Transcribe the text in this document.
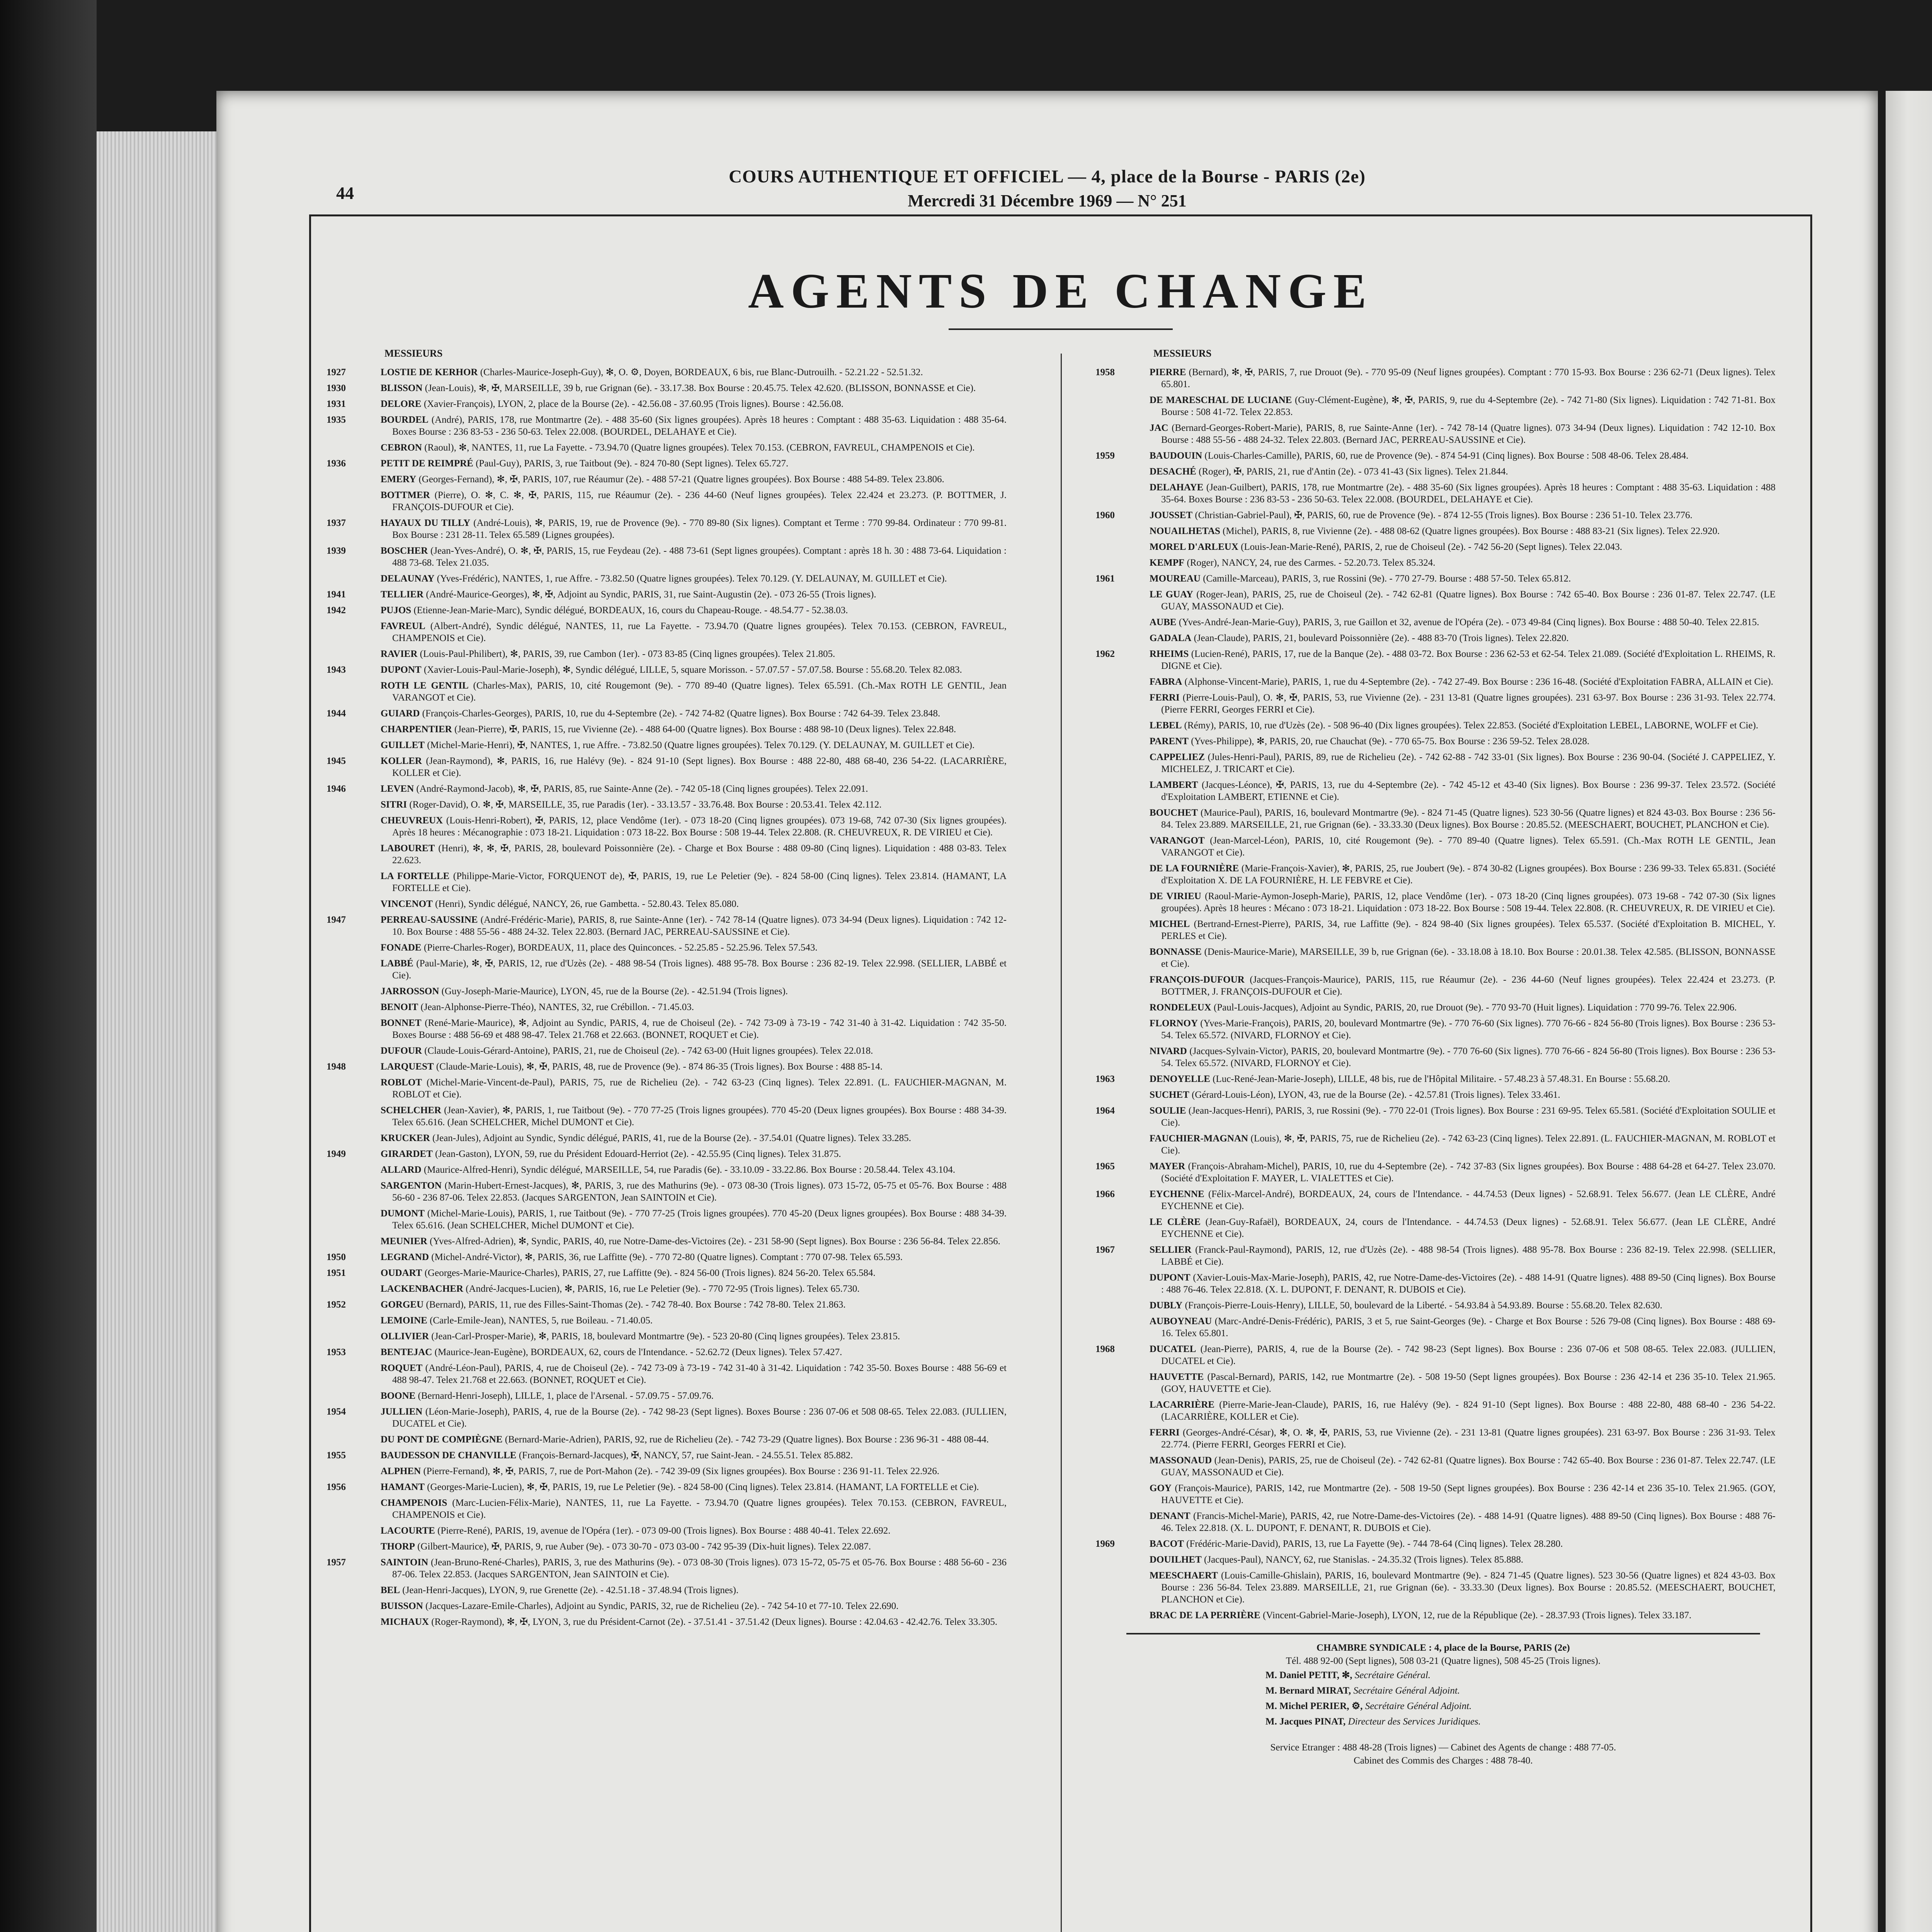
44
COURS AUTHENTIQUE ET OFFICIEL — 4, place de la Bourse - PARIS (2e)
Mercredi 31 Décembre 1969 — N° 251
AGENTS DE CHANGE
MESSIEURS
1927	LOSTIE DE KERHOR (Charles-Maurice-Joseph-Guy), ✻, O. ⚙, Doyen, BORDEAUX, 6 bis, rue Blanc-Dutrouilh. - 52.21.22 - 52.51.32.
1930	BLISSON (Jean-Louis), ✻, ✠, MARSEILLE, 39 b, rue Grignan (6e). - 33.17.38. Box Bourse : 20.45.75. Telex 42.620. (BLISSON, BONNASSE et Cie).
1931	DELORE (Xavier-François), LYON, 2, place de la Bourse (2e). - 42.56.08 - 37.60.95 (Trois lignes). Bourse : 42.56.08.
1935	BOURDEL (André), PARIS, 178, rue Montmartre (2e). - 488 35-60 (Six lignes groupées). Après 18 heures : Comptant : 488 35-63. Liquidation : 488 35-64. Boxes Bourse : 236 83-53 - 236 50-63. Telex 22.008. (BOURDEL, DELAHAYE et Cie).
CEBRON (Raoul), ✻, NANTES, 11, rue La Fayette. - 73.94.70 (Quatre lignes groupées). Telex 70.153. (CEBRON, FAVREUL, CHAMPENOIS et Cie).
1936	PETIT DE REIMPRÉ (Paul-Guy), PARIS, 3, rue Taitbout (9e). - 824 70-80 (Sept lignes). Telex 65.727.
EMERY (Georges-Fernand), ✻, ✠, PARIS, 107, rue Réaumur (2e). - 488 57-21 (Quatre lignes groupées). Box Bourse : 488 54-89. Telex 23.806.
BOTTMER (Pierre), O. ✻, C. ✻, ✠, PARIS, 115, rue Réaumur (2e). - 236 44-60 (Neuf lignes groupées). Telex 22.424 et 23.273. (P. BOTTMER, J. FRANÇOIS-DUFOUR et Cie).
1937	HAYAUX DU TILLY (André-Louis), ✻, PARIS, 19, rue de Provence (9e). - 770 89-80 (Six lignes). Comptant et Terme : 770 99-84. Ordinateur : 770 99-81. Box Bourse : 231 28-11. Telex 65.589 (Lignes groupées).
1939	BOSCHER (Jean-Yves-André), O. ✻, ✠, PARIS, 15, rue Feydeau (2e). - 488 73-61 (Sept lignes groupées). Comptant : après 18 h. 30 : 488 73-64. Liquidation : 488 73-68. Telex 21.035.
DELAUNAY (Yves-Frédéric), NANTES, 1, rue Affre. - 73.82.50 (Quatre lignes groupées). Telex 70.129. (Y. DELAUNAY, M. GUILLET et Cie).
1941	TELLIER (André-Maurice-Georges), ✻, ✠, Adjoint au Syndic, PARIS, 31, rue Saint-Augustin (2e). - 073 26-55 (Trois lignes).
1942	PUJOS (Etienne-Jean-Marie-Marc), Syndic délégué, BORDEAUX, 16, cours du Chapeau-Rouge. - 48.54.77 - 52.38.03.
FAVREUL (Albert-André), Syndic délégué, NANTES, 11, rue La Fayette. - 73.94.70 (Quatre lignes groupées). Telex 70.153. (CEBRON, FAVREUL, CHAMPENOIS et Cie).
RAVIER (Louis-Paul-Philibert), ✻, PARIS, 39, rue Cambon (1er). - 073 83-85 (Cinq lignes groupées). Telex 21.805.
1943	DUPONT (Xavier-Louis-Paul-Marie-Joseph), ✻, Syndic délégué, LILLE, 5, square Morisson. - 57.07.57 - 57.07.58. Bourse : 55.68.20. Telex 82.083.
ROTH LE GENTIL (Charles-Max), PARIS, 10, cité Rougemont (9e). - 770 89-40 (Quatre lignes). Telex 65.591. (Ch.-Max ROTH LE GENTIL, Jean VARANGOT et Cie).
1944	GUIARD (François-Charles-Georges), PARIS, 10, rue du 4-Septembre (2e). - 742 74-82 (Quatre lignes). Box Bourse : 742 64-39. Telex 23.848.
CHARPENTIER (Jean-Pierre), ✠, PARIS, 15, rue Vivienne (2e). - 488 64-00 (Quatre lignes). Box Bourse : 488 98-10 (Deux lignes). Telex 22.848.
GUILLET (Michel-Marie-Henri), ✠, NANTES, 1, rue Affre. - 73.82.50 (Quatre lignes groupées). Telex 70.129. (Y. DELAUNAY, M. GUILLET et Cie).
1945	KOLLER (Jean-Raymond), ✻, PARIS, 16, rue Halévy (9e). - 824 91-10 (Sept lignes). Box Bourse : 488 22-80, 488 68-40, 236 54-22. (LACARRIÈRE, KOLLER et Cie).
1946	LEVEN (André-Raymond-Jacob), ✻, ✠, PARIS, 85, rue Sainte-Anne (2e). - 742 05-18 (Cinq lignes groupées). Telex 22.091.
SITRI (Roger-David), O. ✻, ✠, MARSEILLE, 35, rue Paradis (1er). - 33.13.57 - 33.76.48. Box Bourse : 20.53.41. Telex 42.112.
CHEUVREUX (Louis-Henri-Robert), ✠, PARIS, 12, place Vendôme (1er). - 073 18-20 (Cinq lignes groupées). 073 19-68, 742 07-30 (Six lignes groupées). Après 18 heures : Mécanographie : 073 18-21. Liquidation : 073 18-22. Box Bourse : 508 19-44. Telex 22.808. (R. CHEUVREUX, R. DE VIRIEU et Cie).
LABOURET (Henri), ✻, ✻, ✠, PARIS, 28, boulevard Poissonnière (2e). - Charge et Box Bourse : 488 09-80 (Cinq lignes). Liquidation : 488 03-83. Telex 22.623.
LA FORTELLE (Philippe-Marie-Victor, FORQUENOT de), ✠, PARIS, 19, rue Le Peletier (9e). - 824 58-00 (Cinq lignes). Telex 23.814. (HAMANT, LA FORTELLE et Cie).
VINCENOT (Henri), Syndic délégué, NANCY, 26, rue Gambetta. - 52.80.43. Telex 85.080.
1947	PERREAU-SAUSSINE (André-Frédéric-Marie), PARIS, 8, rue Sainte-Anne (1er). - 742 78-14 (Quatre lignes). 073 34-94 (Deux lignes). Liquidation : 742 12-10. Box Bourse : 488 55-56 - 488 24-32. Telex 22.803. (Bernard JAC, PERREAU-SAUSSINE et Cie).
FONADE (Pierre-Charles-Roger), BORDEAUX, 11, place des Quinconces. - 52.25.85 - 52.25.96. Telex 57.543.
LABBÉ (Paul-Marie), ✻, ✠, PARIS, 12, rue d'Uzès (2e). - 488 98-54 (Trois lignes). 488 95-78. Box Bourse : 236 82-19. Telex 22.998. (SELLIER, LABBÉ et Cie).
JARROSSON (Guy-Joseph-Marie-Maurice), LYON, 45, rue de la Bourse (2e). - 42.51.94 (Trois lignes).
BENOIT (Jean-Alphonse-Pierre-Théo), NANTES, 32, rue Crébillon. - 71.45.03.
BONNET (René-Marie-Maurice), ✻, Adjoint au Syndic, PARIS, 4, rue de Choiseul (2e). - 742 73-09 à 73-19 - 742 31-40 à 31-42. Liquidation : 742 35-50. Boxes Bourse : 488 56-69 et 488 98-47. Telex 21.768 et 22.663. (BONNET, ROQUET et Cie).
DUFOUR (Claude-Louis-Gérard-Antoine), PARIS, 21, rue de Choiseul (2e). - 742 63-00 (Huit lignes groupées). Telex 22.018.
1948	LARQUEST (Claude-Marie-Louis), ✻, ✠, PARIS, 48, rue de Provence (9e). - 874 86-35 (Trois lignes). Box Bourse : 488 85-14.
ROBLOT (Michel-Marie-Vincent-de-Paul), PARIS, 75, rue de Richelieu (2e). - 742 63-23 (Cinq lignes). Telex 22.891. (L. FAUCHIER-MAGNAN, M. ROBLOT et Cie).
SCHELCHER (Jean-Xavier), ✻, PARIS, 1, rue Taitbout (9e). - 770 77-25 (Trois lignes groupées). 770 45-20 (Deux lignes groupées). Box Bourse : 488 34-39. Telex 65.616. (Jean SCHELCHER, Michel DUMONT et Cie).
KRUCKER (Jean-Jules), Adjoint au Syndic, Syndic délégué, PARIS, 41, rue de la Bourse (2e). - 37.54.01 (Quatre lignes). Telex 33.285.
1949	GIRARDET (Jean-Gaston), LYON, 59, rue du Président Edouard-Herriot (2e). - 42.55.95 (Cinq lignes). Telex 31.875.
ALLARD (Maurice-Alfred-Henri), Syndic délégué, MARSEILLE, 54, rue Paradis (6e). - 33.10.09 - 33.22.86. Box Bourse : 20.58.44. Telex 43.104.
SARGENTON (Marin-Hubert-Ernest-Jacques), ✻, PARIS, 3, rue des Mathurins (9e). - 073 08-30 (Trois lignes). 073 15-72, 05-75 et 05-76. Box Bourse : 488 56-60 - 236 87-06. Telex 22.853. (Jacques SARGENTON, Jean SAINTOIN et Cie).
DUMONT (Michel-Marie-Louis), PARIS, 1, rue Taitbout (9e). - 770 77-25 (Trois lignes groupées). 770 45-20 (Deux lignes groupées). Box Bourse : 488 34-39. Telex 65.616. (Jean SCHELCHER, Michel DUMONT et Cie).
MEUNIER (Yves-Alfred-Adrien), ✻, Syndic, PARIS, 40, rue Notre-Dame-des-Victoires (2e). - 231 58-90 (Sept lignes). Box Bourse : 236 56-84. Telex 22.856.
1950	LEGRAND (Michel-André-Victor), ✻, PARIS, 36, rue Laffitte (9e). - 770 72-80 (Quatre lignes). Comptant : 770 07-98. Telex 65.593.
1951	OUDART (Georges-Marie-Maurice-Charles), PARIS, 27, rue Laffitte (9e). - 824 56-00 (Trois lignes). 824 56-20. Telex 65.584.
LACKENBACHER (André-Jacques-Lucien), ✻, PARIS, 16, rue Le Peletier (9e). - 770 72-95 (Trois lignes). Telex 65.730.
1952	GORGEU (Bernard), PARIS, 11, rue des Filles-Saint-Thomas (2e). - 742 78-40. Box Bourse : 742 78-80. Telex 21.863.
LEMOINE (Carle-Emile-Jean), NANTES, 5, rue Boileau. - 71.40.05.
OLLIVIER (Jean-Carl-Prosper-Marie), ✻, PARIS, 18, boulevard Montmartre (9e). - 523 20-80 (Cinq lignes groupées). Telex 23.815.
1953	BENTEJAC (Maurice-Jean-Eugène), BORDEAUX, 62, cours de l'Intendance. - 52.62.72 (Deux lignes). Telex 57.427.
ROQUET (André-Léon-Paul), PARIS, 4, rue de Choiseul (2e). - 742 73-09 à 73-19 - 742 31-40 à 31-42. Liquidation : 742 35-50. Boxes Bourse : 488 56-69 et 488 98-47. Telex 21.768 et 22.663. (BONNET, ROQUET et Cie).
BOONE (Bernard-Henri-Joseph), LILLE, 1, place de l'Arsenal. - 57.09.75 - 57.09.76.
1954	JULLIEN (Léon-Marie-Joseph), PARIS, 4, rue de la Bourse (2e). - 742 98-23 (Sept lignes). Boxes Bourse : 236 07-06 et 508 08-65. Telex 22.083. (JULLIEN, DUCATEL et Cie).
DU PONT DE COMPIÈGNE (Bernard-Marie-Adrien), PARIS, 92, rue de Richelieu (2e). - 742 73-29 (Quatre lignes). Box Bourse : 236 96-31 - 488 08-44.
1955	BAUDESSON DE CHANVILLE (François-Bernard-Jacques), ✠, NANCY, 57, rue Saint-Jean. - 24.55.51. Telex 85.882.
ALPHEN (Pierre-Fernand), ✻, ✠, PARIS, 7, rue de Port-Mahon (2e). - 742 39-09 (Six lignes groupées). Box Bourse : 236 91-11. Telex 22.926.
1956	HAMANT (Georges-Marie-Lucien), ✻, ✠, PARIS, 19, rue Le Peletier (9e). - 824 58-00 (Cinq lignes). Telex 23.814. (HAMANT, LA FORTELLE et Cie).
CHAMPENOIS (Marc-Lucien-Félix-Marie), NANTES, 11, rue La Fayette. - 73.94.70 (Quatre lignes groupées). Telex 70.153. (CEBRON, FAVREUL, CHAMPENOIS et Cie).
LACOURTE (Pierre-René), PARIS, 19, avenue de l'Opéra (1er). - 073 09-00 (Trois lignes). Box Bourse : 488 40-41. Telex 22.692.
THORP (Gilbert-Maurice), ✠, PARIS, 9, rue Auber (9e). - 073 30-70 - 073 03-00 - 742 95-39 (Dix-huit lignes). Telex 22.087.
1957	SAINTOIN (Jean-Bruno-René-Charles), PARIS, 3, rue des Mathurins (9e). - 073 08-30 (Trois lignes). 073 15-72, 05-75 et 05-76. Box Bourse : 488 56-60 - 236 87-06. Telex 22.853. (Jacques SARGENTON, Jean SAINTOIN et Cie).
BEL (Jean-Henri-Jacques), LYON, 9, rue Grenette (2e). - 42.51.18 - 37.48.94 (Trois lignes).
BUISSON (Jacques-Lazare-Emile-Charles), Adjoint au Syndic, PARIS, 32, rue de Richelieu (2e). - 742 54-10 et 77-10. Telex 22.690.
MICHAUX (Roger-Raymond), ✻, ✠, LYON, 3, rue du Président-Carnot (2e). - 37.51.41 - 37.51.42 (Deux lignes). Bourse : 42.04.63 - 42.42.76. Telex 33.305.
MESSIEURS
1958	PIERRE (Bernard), ✻, ✠, PARIS, 7, rue Drouot (9e). - 770 95-09 (Neuf lignes groupées). Comptant : 770 15-93. Box Bourse : 236 62-71 (Deux lignes). Telex 65.801.
DE MARESCHAL DE LUCIANE (Guy-Clément-Eugène), ✻, ✠, PARIS, 9, rue du 4-Septembre (2e). - 742 71-80 (Six lignes). Liquidation : 742 71-81. Box Bourse : 508 41-72. Telex 22.853.
JAC (Bernard-Georges-Robert-Marie), PARIS, 8, rue Sainte-Anne (1er). - 742 78-14 (Quatre lignes). 073 34-94 (Deux lignes). Liquidation : 742 12-10. Box Bourse : 488 55-56 - 488 24-32. Telex 22.803. (Bernard JAC, PERREAU-SAUSSINE et Cie).
1959	BAUDOUIN (Louis-Charles-Camille), PARIS, 60, rue de Provence (9e). - 874 54-91 (Cinq lignes). Box Bourse : 508 48-06. Telex 28.484.
DESACHÉ (Roger), ✠, PARIS, 21, rue d'Antin (2e). - 073 41-43 (Six lignes). Telex 21.844.
DELAHAYE (Jean-Guilbert), PARIS, 178, rue Montmartre (2e). - 488 35-60 (Six lignes groupées). Après 18 heures : Comptant : 488 35-63. Liquidation : 488 35-64. Boxes Bourse : 236 83-53 - 236 50-63. Telex 22.008. (BOURDEL, DELAHAYE et Cie).
1960	JOUSSET (Christian-Gabriel-Paul), ✠, PARIS, 60, rue de Provence (9e). - 874 12-55 (Trois lignes). Box Bourse : 236 51-10. Telex 23.776.
NOUAILHETAS (Michel), PARIS, 8, rue Vivienne (2e). - 488 08-62 (Quatre lignes groupées). Box Bourse : 488 83-21 (Six lignes). Telex 22.920.
MOREL D'ARLEUX (Louis-Jean-Marie-René), PARIS, 2, rue de Choiseul (2e). - 742 56-20 (Sept lignes). Telex 22.043.
KEMPF (Roger), NANCY, 24, rue des Carmes. - 52.20.73. Telex 85.324.
1961	MOUREAU (Camille-Marceau), PARIS, 3, rue Rossini (9e). - 770 27-79. Bourse : 488 57-50. Telex 65.812.
LE GUAY (Roger-Jean), PARIS, 25, rue de Choiseul (2e). - 742 62-81 (Quatre lignes). Box Bourse : 742 65-40. Box Bourse : 236 01-87. Telex 22.747. (LE GUAY, MASSONAUD et Cie).
AUBE (Yves-André-Jean-Marie-Guy), PARIS, 3, rue Gaillon et 32, avenue de l'Opéra (2e). - 073 49-84 (Cinq lignes). Box Bourse : 488 50-40. Telex 22.815.
GADALA (Jean-Claude), PARIS, 21, boulevard Poissonnière (2e). - 488 83-70 (Trois lignes). Telex 22.820.
1962	RHEIMS (Lucien-René), PARIS, 17, rue de la Banque (2e). - 488 03-72. Box Bourse : 236 62-53 et 62-54. Telex 21.089. (Société d'Exploitation L. RHEIMS, R. DIGNE et Cie).
FABRA (Alphonse-Vincent-Marie), PARIS, 1, rue du 4-Septembre (2e). - 742 27-49. Box Bourse : 236 16-48. (Société d'Exploitation FABRA, ALLAIN et Cie).
FERRI (Pierre-Louis-Paul), O. ✻, ✠, PARIS, 53, rue Vivienne (2e). - 231 13-81 (Quatre lignes groupées). 231 63-97. Box Bourse : 236 31-93. Telex 22.774. (Pierre FERRI, Georges FERRI et Cie).
LEBEL (Rémy), PARIS, 10, rue d'Uzès (2e). - 508 96-40 (Dix lignes groupées). Telex 22.853. (Société d'Exploitation LEBEL, LABORNE, WOLFF et Cie).
PARENT (Yves-Philippe), ✻, PARIS, 20, rue Chauchat (9e). - 770 65-75. Box Bourse : 236 59-52. Telex 28.028.
CAPPELIEZ (Jules-Henri-Paul), PARIS, 89, rue de Richelieu (2e). - 742 62-88 - 742 33-01 (Six lignes). Box Bourse : 236 90-04. (Société J. CAPPELIEZ, Y. MICHELEZ, J. TRICART et Cie).
LAMBERT (Jacques-Léonce), ✠, PARIS, 13, rue du 4-Septembre (2e). - 742 45-12 et 43-40 (Six lignes). Box Bourse : 236 99-37. Telex 23.572. (Société d'Exploitation LAMBERT, ETIENNE et Cie).
BOUCHET (Maurice-Paul), PARIS, 16, boulevard Montmartre (9e). - 824 71-45 (Quatre lignes). 523 30-56 (Quatre lignes) et 824 43-03. Box Bourse : 236 56-84. Telex 23.889. MARSEILLE, 21, rue Grignan (6e). - 33.33.30 (Deux lignes). Box Bourse : 20.85.52. (MEESCHAERT, BOUCHET, PLANCHON et Cie).
VARANGOT (Jean-Marcel-Léon), PARIS, 10, cité Rougemont (9e). - 770 89-40 (Quatre lignes). Telex 65.591. (Ch.-Max ROTH LE GENTIL, Jean VARANGOT et Cie).
DE LA FOURNIÈRE (Marie-François-Xavier), ✻, PARIS, 25, rue Joubert (9e). - 874 30-82 (Lignes groupées). Box Bourse : 236 99-33. Telex 65.831. (Société d'Exploitation X. DE LA FOURNIÈRE, H. LE FEBVRE et Cie).
DE VIRIEU (Raoul-Marie-Aymon-Joseph-Marie), PARIS, 12, place Vendôme (1er). - 073 18-20 (Cinq lignes groupées). 073 19-68 - 742 07-30 (Six lignes groupées). Après 18 heures : Mécano : 073 18-21. Liquidation : 073 18-22. Box Bourse : 508 19-44. Telex 22.808. (R. CHEUVREUX, R. DE VIRIEU et Cie).
MICHEL (Bertrand-Ernest-Pierre), PARIS, 34, rue Laffitte (9e). - 824 98-40 (Six lignes groupées). Telex 65.537. (Société d'Exploitation B. MICHEL, Y. PERLES et Cie).
BONNASSE (Denis-Maurice-Marie), MARSEILLE, 39 b, rue Grignan (6e). - 33.18.08 à 18.10. Box Bourse : 20.01.38. Telex 42.585. (BLISSON, BONNASSE et Cie).
FRANÇOIS-DUFOUR (Jacques-François-Maurice), PARIS, 115, rue Réaumur (2e). - 236 44-60 (Neuf lignes groupées). Telex 22.424 et 23.273. (P. BOTTMER, J. FRANÇOIS-DUFOUR et Cie).
RONDELEUX (Paul-Louis-Jacques), Adjoint au Syndic, PARIS, 20, rue Drouot (9e). - 770 93-70 (Huit lignes). Liquidation : 770 99-76. Telex 22.906.
FLORNOY (Yves-Marie-François), PARIS, 20, boulevard Montmartre (9e). - 770 76-60 (Six lignes). 770 76-66 - 824 56-80 (Trois lignes). Box Bourse : 236 53-54. Telex 65.572. (NIVARD, FLORNOY et Cie).
NIVARD (Jacques-Sylvain-Victor), PARIS, 20, boulevard Montmartre (9e). - 770 76-60 (Six lignes). 770 76-66 - 824 56-80 (Trois lignes). Box Bourse : 236 53-54. Telex 65.572. (NIVARD, FLORNOY et Cie).
1963	DENOYELLE (Luc-René-Jean-Marie-Joseph), LILLE, 48 bis, rue de l'Hôpital Militaire. - 57.48.23 à 57.48.31. En Bourse : 55.68.20.
SUCHET (Gérard-Louis-Léon), LYON, 43, rue de la Bourse (2e). - 42.57.81 (Trois lignes). Telex 33.461.
1964	SOULIE (Jean-Jacques-Henri), PARIS, 3, rue Rossini (9e). - 770 22-01 (Trois lignes). Box Bourse : 231 69-95. Telex 65.581. (Société d'Exploitation SOULIE et Cie).
FAUCHIER-MAGNAN (Louis), ✻, ✠, PARIS, 75, rue de Richelieu (2e). - 742 63-23 (Cinq lignes). Telex 22.891. (L. FAUCHIER-MAGNAN, M. ROBLOT et Cie).
1965	MAYER (François-Abraham-Michel), PARIS, 10, rue du 4-Septembre (2e). - 742 37-83 (Six lignes groupées). Box Bourse : 488 64-28 et 64-27. Telex 23.070. (Société d'Exploitation F. MAYER, L. VIALETTES et Cie).
1966	EYCHENNE (Félix-Marcel-André), BORDEAUX, 24, cours de l'Intendance. - 44.74.53 (Deux lignes) - 52.68.91. Telex 56.677. (Jean LE CLÈRE, André EYCHENNE et Cie).
LE CLÈRE (Jean-Guy-Rafaël), BORDEAUX, 24, cours de l'Intendance. - 44.74.53 (Deux lignes) - 52.68.91. Telex 56.677. (Jean LE CLÈRE, André EYCHENNE et Cie).
1967	SELLIER (Franck-Paul-Raymond), PARIS, 12, rue d'Uzès (2e). - 488 98-54 (Trois lignes). 488 95-78. Box Bourse : 236 82-19. Telex 22.998. (SELLIER, LABBÉ et Cie).
DUPONT (Xavier-Louis-Max-Marie-Joseph), PARIS, 42, rue Notre-Dame-des-Victoires (2e). - 488 14-91 (Quatre lignes). 488 89-50 (Cinq lignes). Box Bourse : 488 76-46. Telex 22.818. (X. L. DUPONT, F. DENANT, R. DUBOIS et Cie).
DUBLY (François-Pierre-Louis-Henry), LILLE, 50, boulevard de la Liberté. - 54.93.84 à 54.93.89. Bourse : 55.68.20. Telex 82.630.
AUBOYNEAU (Marc-André-Denis-Frédéric), PARIS, 3 et 5, rue Saint-Georges (9e). - Charge et Box Bourse : 526 79-08 (Cinq lignes). Box Bourse : 488 69-16. Telex 65.801.
1968	DUCATEL (Jean-Pierre), PARIS, 4, rue de la Bourse (2e). - 742 98-23 (Sept lignes). Box Bourse : 236 07-06 et 508 08-65. Telex 22.083. (JULLIEN, DUCATEL et Cie).
HAUVETTE (Pascal-Bernard), PARIS, 142, rue Montmartre (2e). - 508 19-50 (Sept lignes groupées). Box Bourse : 236 42-14 et 236 35-10. Telex 21.965. (GOY, HAUVETTE et Cie).
LACARRIÈRE (Pierre-Marie-Jean-Claude), PARIS, 16, rue Halévy (9e). - 824 91-10 (Sept lignes). Box Bourse : 488 22-80, 488 68-40 - 236 54-22. (LACARRIÈRE, KOLLER et Cie).
FERRI (Georges-André-César), ✻, O. ✻, ✠, PARIS, 53, rue Vivienne (2e). - 231 13-81 (Quatre lignes groupées). 231 63-97. Box Bourse : 236 31-93. Telex 22.774. (Pierre FERRI, Georges FERRI et Cie).
MASSONAUD (Jean-Denis), PARIS, 25, rue de Choiseul (2e). - 742 62-81 (Quatre lignes). Box Bourse : 742 65-40. Box Bourse : 236 01-87. Telex 22.747. (LE GUAY, MASSONAUD et Cie).
GOY (François-Maurice), PARIS, 142, rue Montmartre (2e). - 508 19-50 (Sept lignes groupées). Box Bourse : 236 42-14 et 236 35-10. Telex 21.965. (GOY, HAUVETTE et Cie).
DENANT (Francis-Michel-Marie), PARIS, 42, rue Notre-Dame-des-Victoires (2e). - 488 14-91 (Quatre lignes). 488 89-50 (Cinq lignes). Box Bourse : 488 76-46. Telex 22.818. (X. L. DUPONT, F. DENANT, R. DUBOIS et Cie).
1969	BACOT (Frédéric-Marie-David), PARIS, 13, rue La Fayette (9e). - 744 78-64 (Cinq lignes). Telex 28.280.
DOUILHET (Jacques-Paul), NANCY, 62, rue Stanislas. - 24.35.32 (Trois lignes). Telex 85.888.
MEESCHAERT (Louis-Camille-Ghislain), PARIS, 16, boulevard Montmartre (9e). - 824 71-45 (Quatre lignes). 523 30-56 (Quatre lignes) et 824 43-03. Box Bourse : 236 56-84. Telex 23.889. MARSEILLE, 21, rue Grignan (6e). - 33.33.30 (Deux lignes). Box Bourse : 20.85.52. (MEESCHAERT, BOUCHET, PLANCHON et Cie).
BRAC DE LA PERRIÈRE (Vincent-Gabriel-Marie-Joseph), LYON, 12, rue de la République (2e). - 28.37.93 (Trois lignes). Telex 33.187.
CHAMBRE SYNDICALE : 4, place de la Bourse, PARIS (2e)
Tél. 488 92-00 (Sept lignes), 508 03-21 (Quatre lignes), 508 45-25 (Trois lignes).
M. Daniel PETIT, ✻, Secrétaire Général.
M. Bernard MIRAT, Secrétaire Général Adjoint.
M. Michel PERIER, ⚙, Secrétaire Général Adjoint.
M. Jacques PINAT, Directeur des Services Juridiques.
Service Etranger : 488 48-28 (Trois lignes) — Cabinet des Agents de change : 488 77-05.
Cabinet des Commis des Charges : 488 78-40.
